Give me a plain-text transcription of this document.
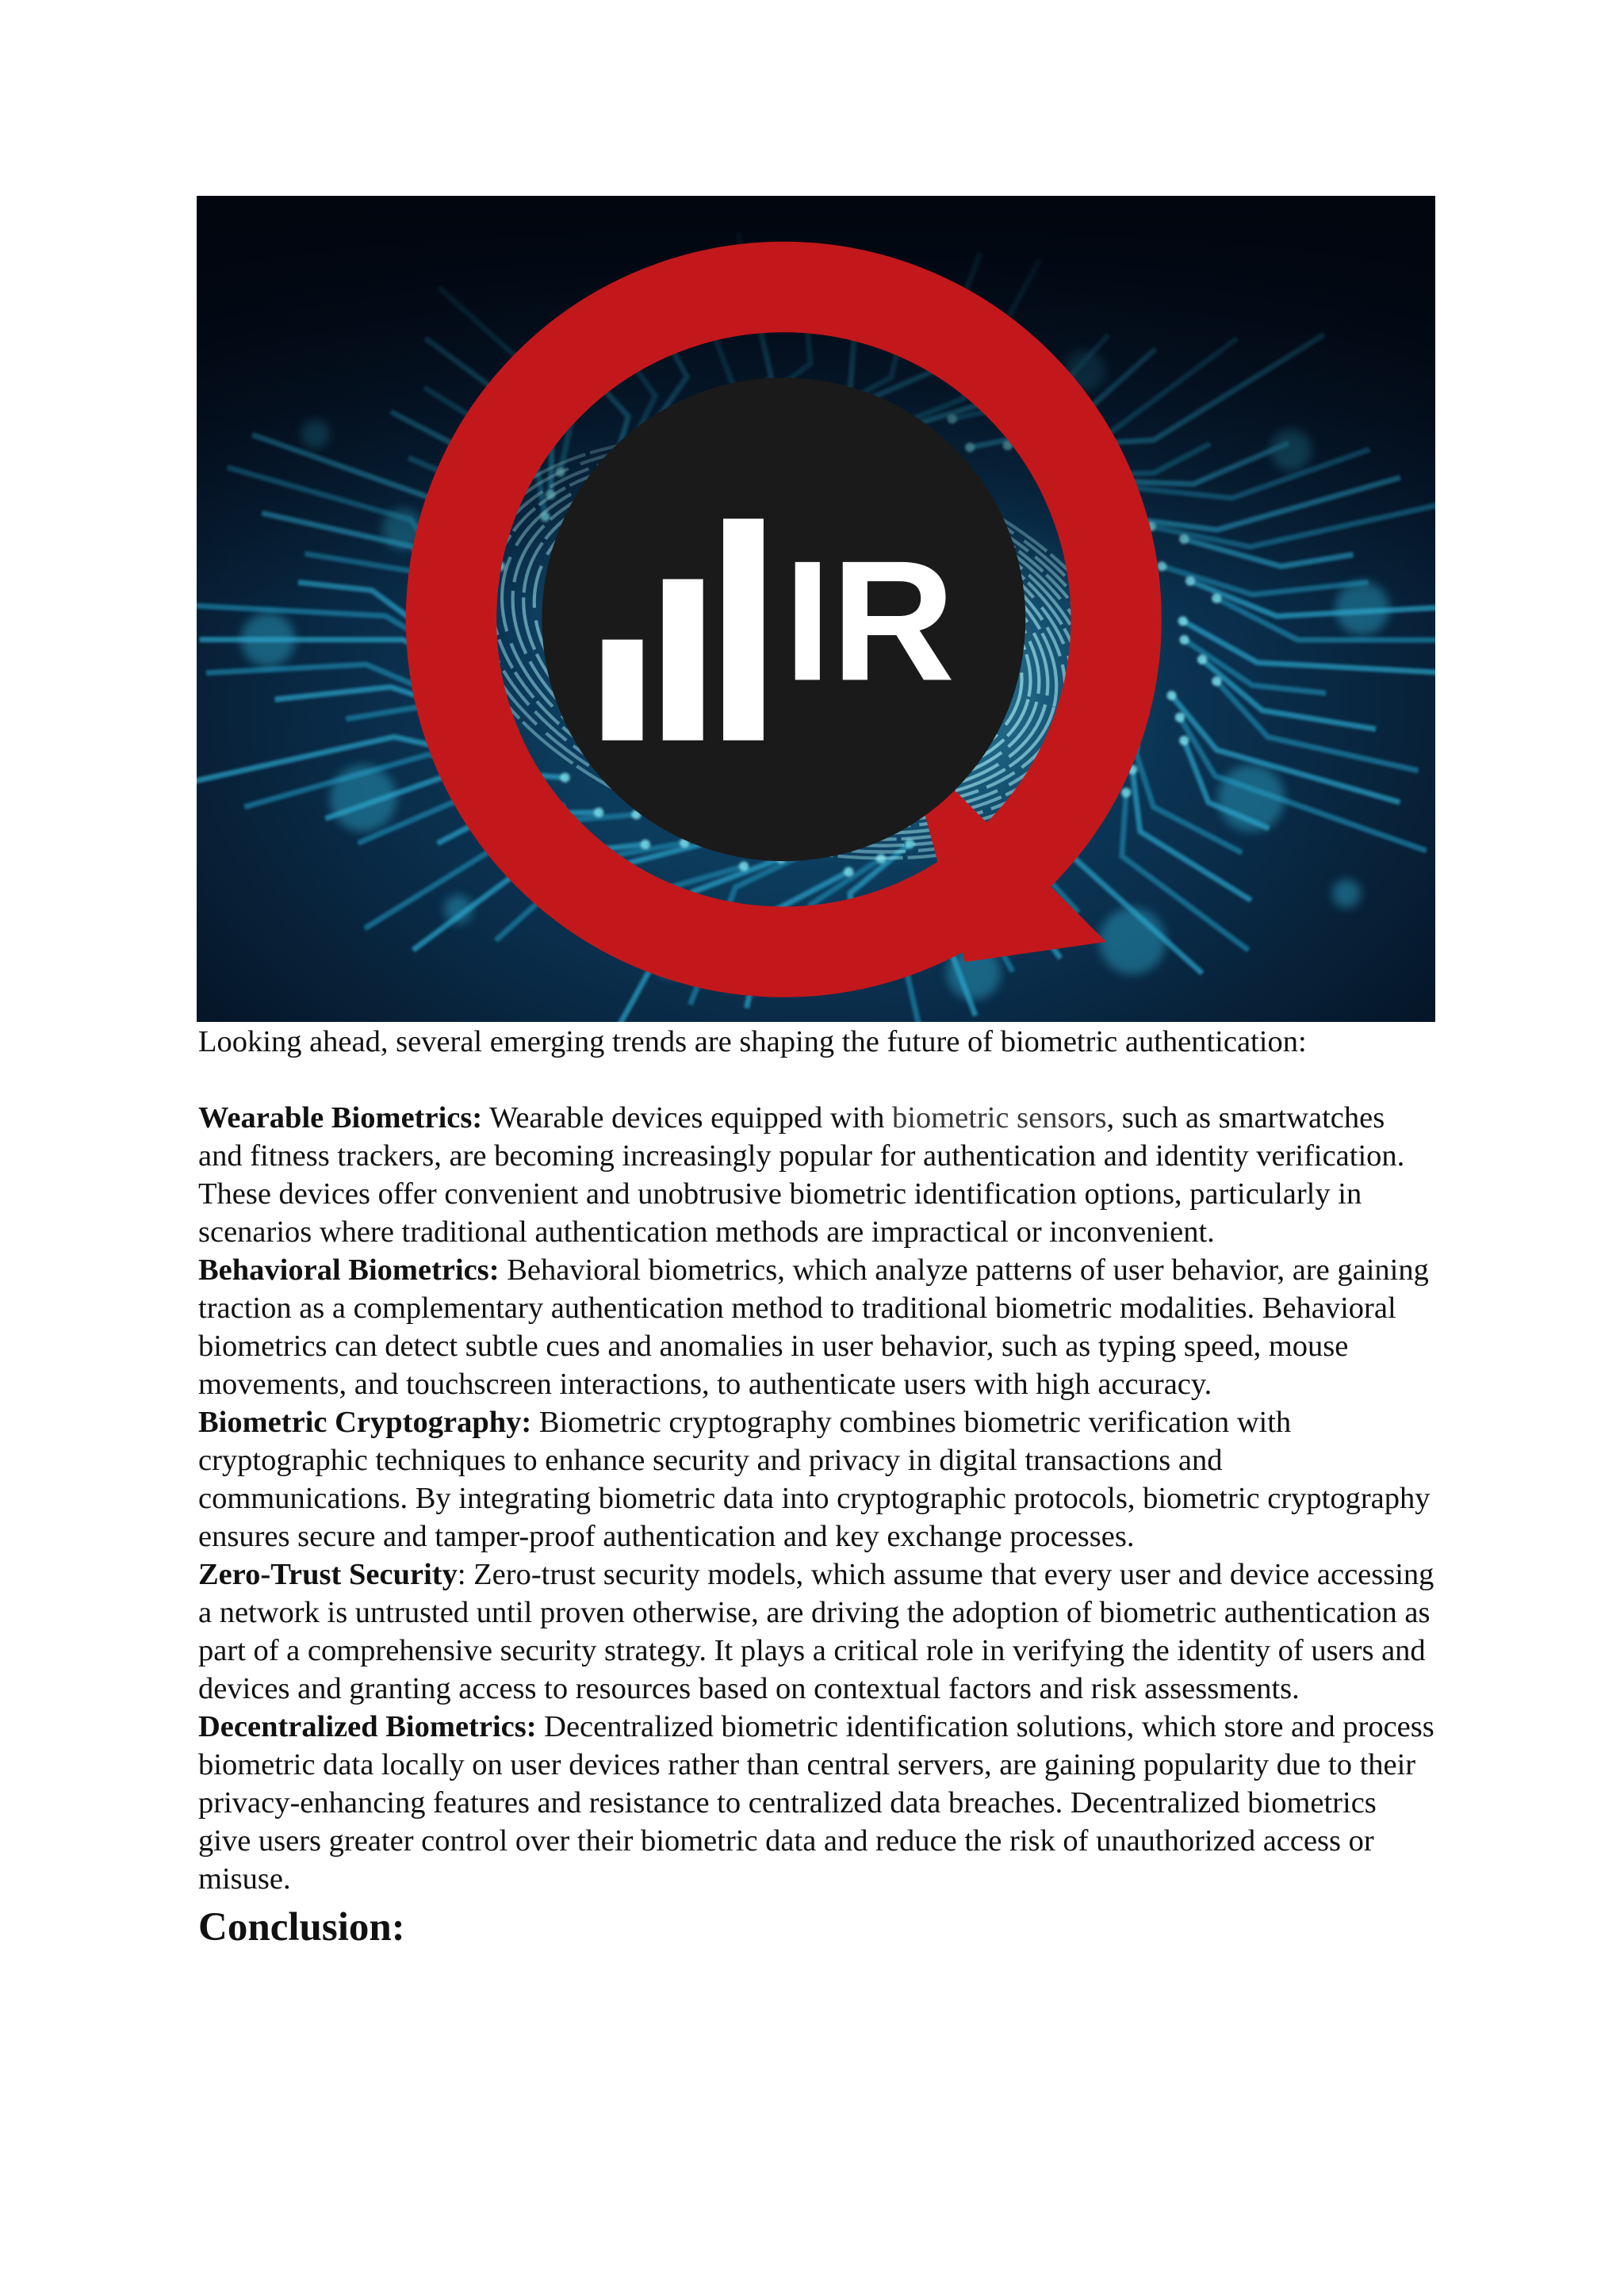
IR

Looking ahead, several emerging trends are shaping the future of biometric authentication:

Wearable Biometrics: Wearable devices equipped with biometric sensors, such as smartwatches and fitness trackers, are becoming increasingly popular for authentication and identity verification. These devices offer convenient and unobtrusive biometric identification options, particularly in scenarios where traditional authentication methods are impractical or inconvenient.

Behavioral Biometrics: Behavioral biometrics, which analyze patterns of user behavior, are gaining traction as a complementary authentication method to traditional biometric modalities. Behavioral biometrics can detect subtle cues and anomalies in user behavior, such as typing speed, mouse movements, and touchscreen interactions, to authenticate users with high accuracy.

Biometric Cryptography: Biometric cryptography combines biometric verification with cryptographic techniques to enhance security and privacy in digital transactions and communications. By integrating biometric data into cryptographic protocols, biometric cryptography ensures secure and tamper-proof authentication and key exchange processes.

Zero-Trust Security: Zero-trust security models, which assume that every user and device accessing a network is untrusted until proven otherwise, are driving the adoption of biometric authentication as part of a comprehensive security strategy. It plays a critical role in verifying the identity of users and devices and granting access to resources based on contextual factors and risk assessments.

Decentralized Biometrics: Decentralized biometric identification solutions, which store and process biometric data locally on user devices rather than central servers, are gaining popularity due to their privacy-enhancing features and resistance to centralized data breaches. Decentralized biometrics give users greater control over their biometric data and reduce the risk of unauthorized access or misuse.

Conclusion:
